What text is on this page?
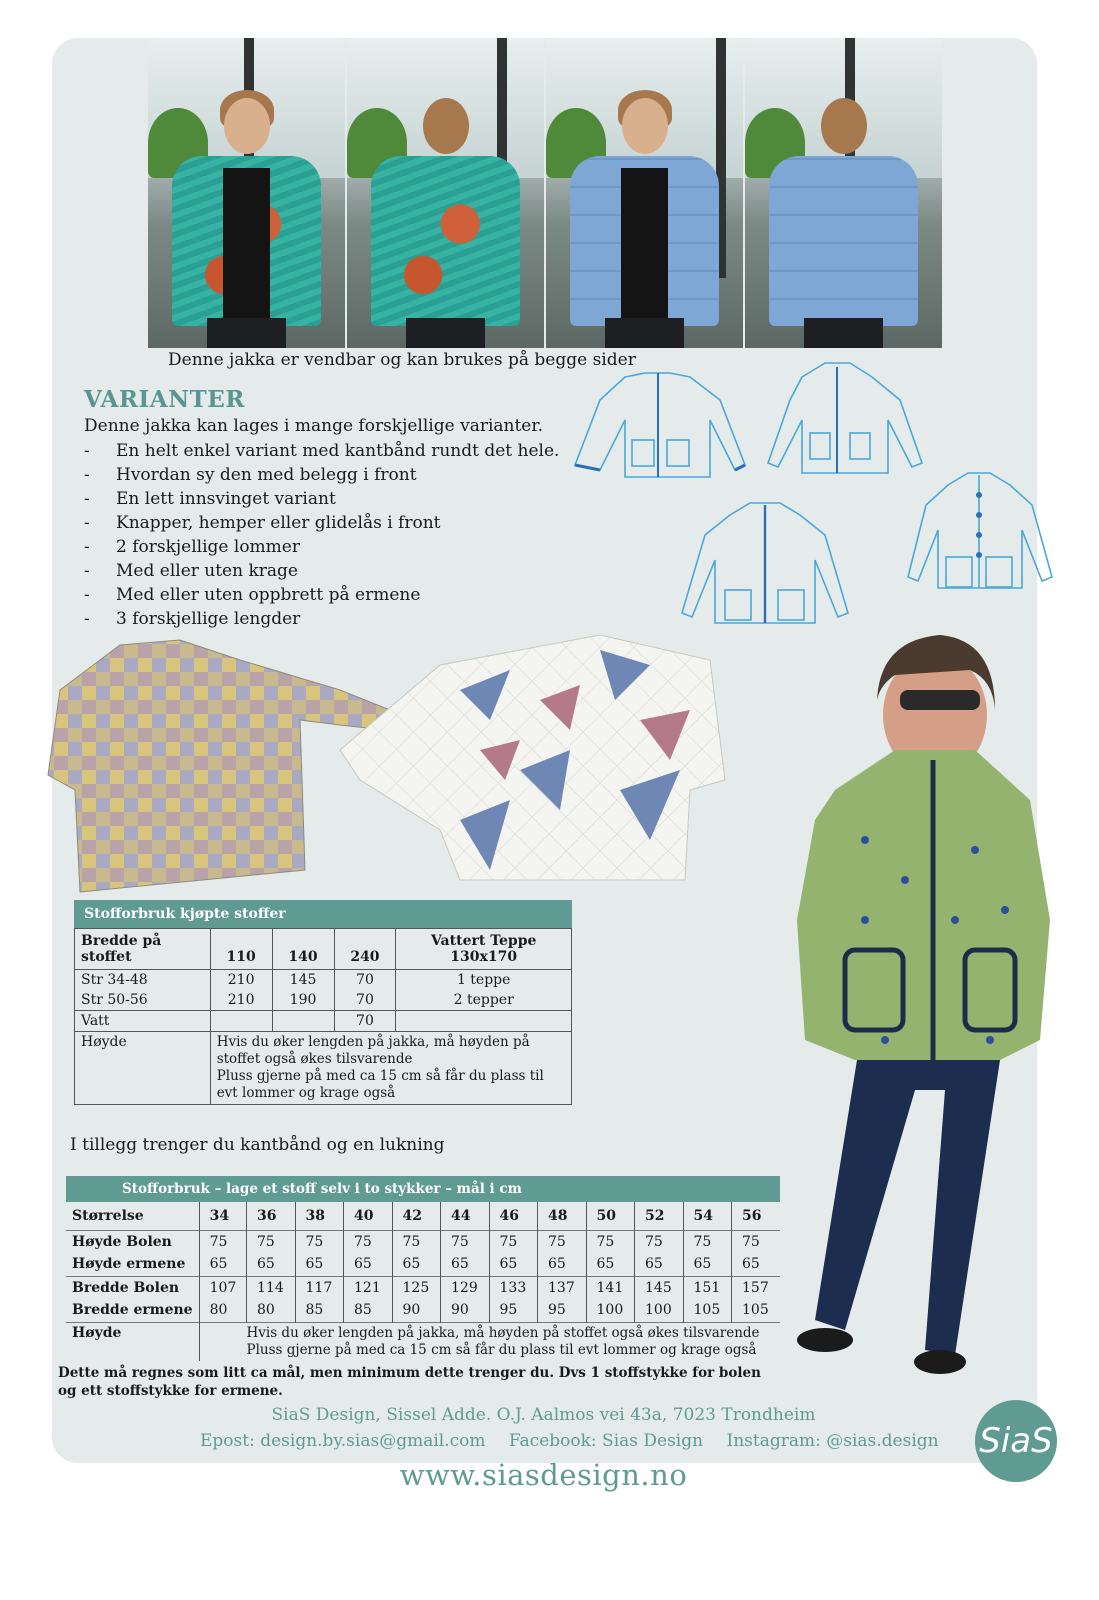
Denne jakka er vendbar og kan brukes på begge sider
VARIANTER
Denne jakka kan lages i mange forskjellige varianter.
- En helt enkel variant med kantbånd rundt det hele.
- Hvordan sy den med belegg i front
- En lett innsvinget variant
- Knapper, hemper eller glidelås i front
- 2 forskjellige lommer
- Med eller uten krage
- Med eller uten oppbrett på ermene
- 3 forskjellige lengder
Stofforbruk kjøpte stoffer
Bredde på stoffet	110	140	240	Vattert Teppe
130x170

Str 34-48	210	145	70	1 teppe
Str 50-56	210	190	70	2 tepper
Vatt			70	
Høyde	Hvis du øker lengden på jakka, må høyden på stoffet også økes tilsvarende
Pluss gjerne på med ca 15 cm så får du plass til evt lommer og krage også			
I tillegg trenger du kantbånd og en lukning
Stofforbruk – lage et stoff selv i to stykker – mål i cm
Størrelse	34	36	38	40	42	44	46	48	50	52	54	56
Høyde Bolen	75	75	75	75	75	75	75	75	75	75	75	75
Høyde ermene	65	65	65	65	65	65	65	65	65	65	65	65
Bredde Bolen	107	114	117	121	125	129	133	137	141	145	151	157
Bredde ermene	80	80	85	85	90	90	95	95	100	100	105	105
Høyde		Hvis du øker lengden på jakka, må høyden på stoffet også økes tilsvarende
Pluss gjerne på med ca 15 cm så får du plass til evt lommer og krage også										
Dette må regnes som litt ca mål, men minimum dette trenger du. Dvs 1 stoffstykke for bolen og ett stoffstykke for ermene.
SiaS Design, Sissel Adde. O.J. Aalmos vei 43a, 7023 Trondheim
Epost: design.by.sias@gmail.com Facebook: Sias Design Instagram: @sias.design
www.siasdesign.no
SiaS
